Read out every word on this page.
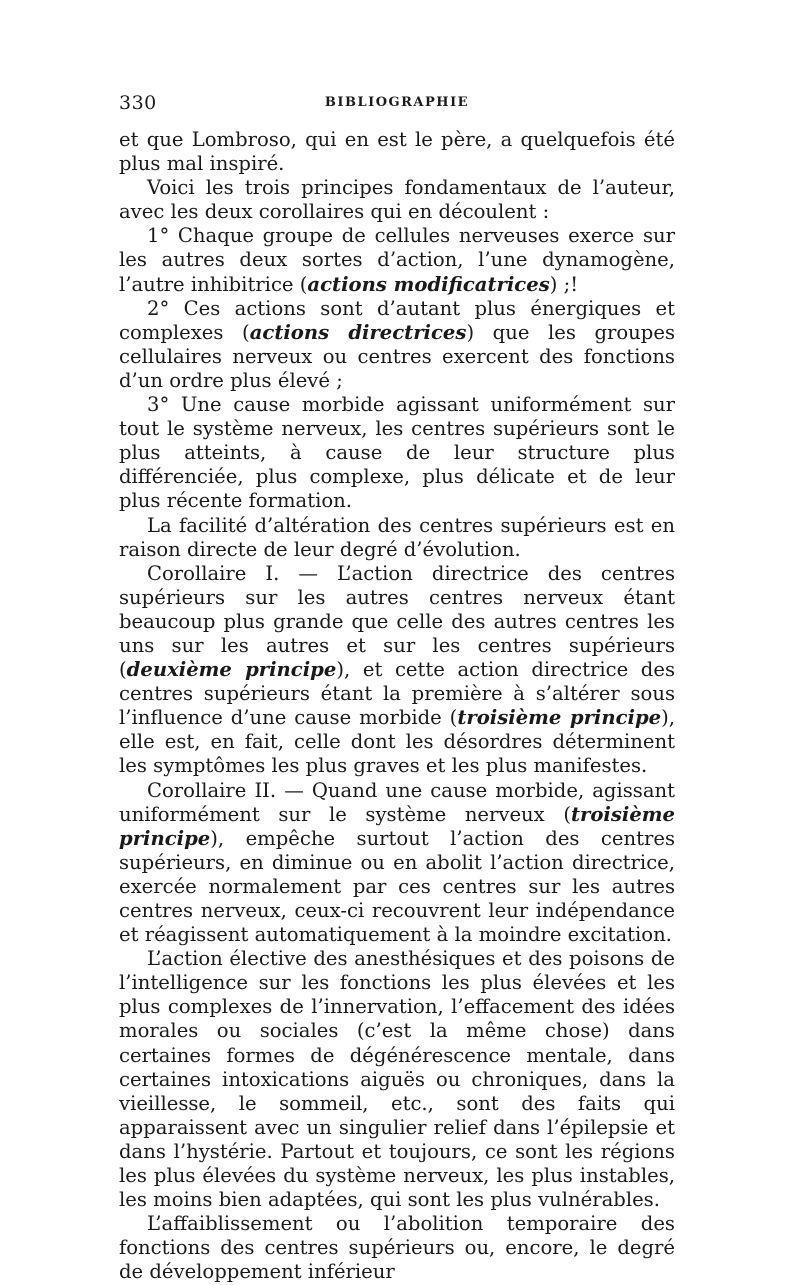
330	BIBLIOGRAPHIE

et que Lombroso, qui en est le père, a quelquefois été plus mal inspiré.

Voici les trois principes fondamentaux de l’auteur, avec les deux corollaires qui en découlent :

1° Chaque groupe de cellules nerveuses exerce sur les autres deux sortes d’action, l’une dynamogène, l’autre inhibitrice (actions modificatrices) ;!

2° Ces actions sont d’autant plus énergiques et complexes (actions directrices) que les groupes cellulaires nerveux ou centres exercent des fonctions d’un ordre plus élevé ;

3° Une cause morbide agissant uniformément sur tout le système nerveux, les centres supérieurs sont le plus atteints, à cause de leur structure plus différenciée, plus complexe, plus délicate et de leur plus récente formation.

La facilité d’altération des centres supérieurs est en raison directe de leur degré d’évolution.

Corollaire I. — L’action directrice des centres supérieurs sur les autres centres nerveux étant beaucoup plus grande que celle des autres centres les uns sur les autres et sur les centres supérieurs (deuxième principe), et cette action directrice des centres supérieurs étant la première à s’altérer sous l’influence d’une cause morbide (troisième principe), elle est, en fait, celle dont les désordres déterminent les symptômes les plus graves et les plus manifestes.

Corollaire II. — Quand une cause morbide, agissant uniformément sur le système nerveux (troisième principe), empêche surtout l’action des centres supérieurs, en diminue ou en abolit l’action directrice, exercée normalement par ces centres sur les autres centres nerveux, ceux-ci recouvrent leur indépendance et réagissent automatiquement à la moindre excitation.

L’action élective des anesthésiques et des poisons de l’intelligence sur les fonctions les plus élevées et les plus complexes de l’innervation, l’effacement des idées morales ou sociales (c’est la même chose) dans certaines formes de dégénérescence mentale, dans certaines intoxications aiguës ou chroniques, dans la vieillesse, le sommeil, etc., sont des faits qui apparaissent avec un singulier relief dans l’épilepsie et dans l’hystérie. Partout et toujours, ce sont les régions les plus élevées du système nerveux, les plus instables, les moins bien adaptées, qui sont les plus vulnérables.

L’affaiblissement ou l’abolition temporaire des fonctions des centres supérieurs ou, encore, le degré de développement inférieur
